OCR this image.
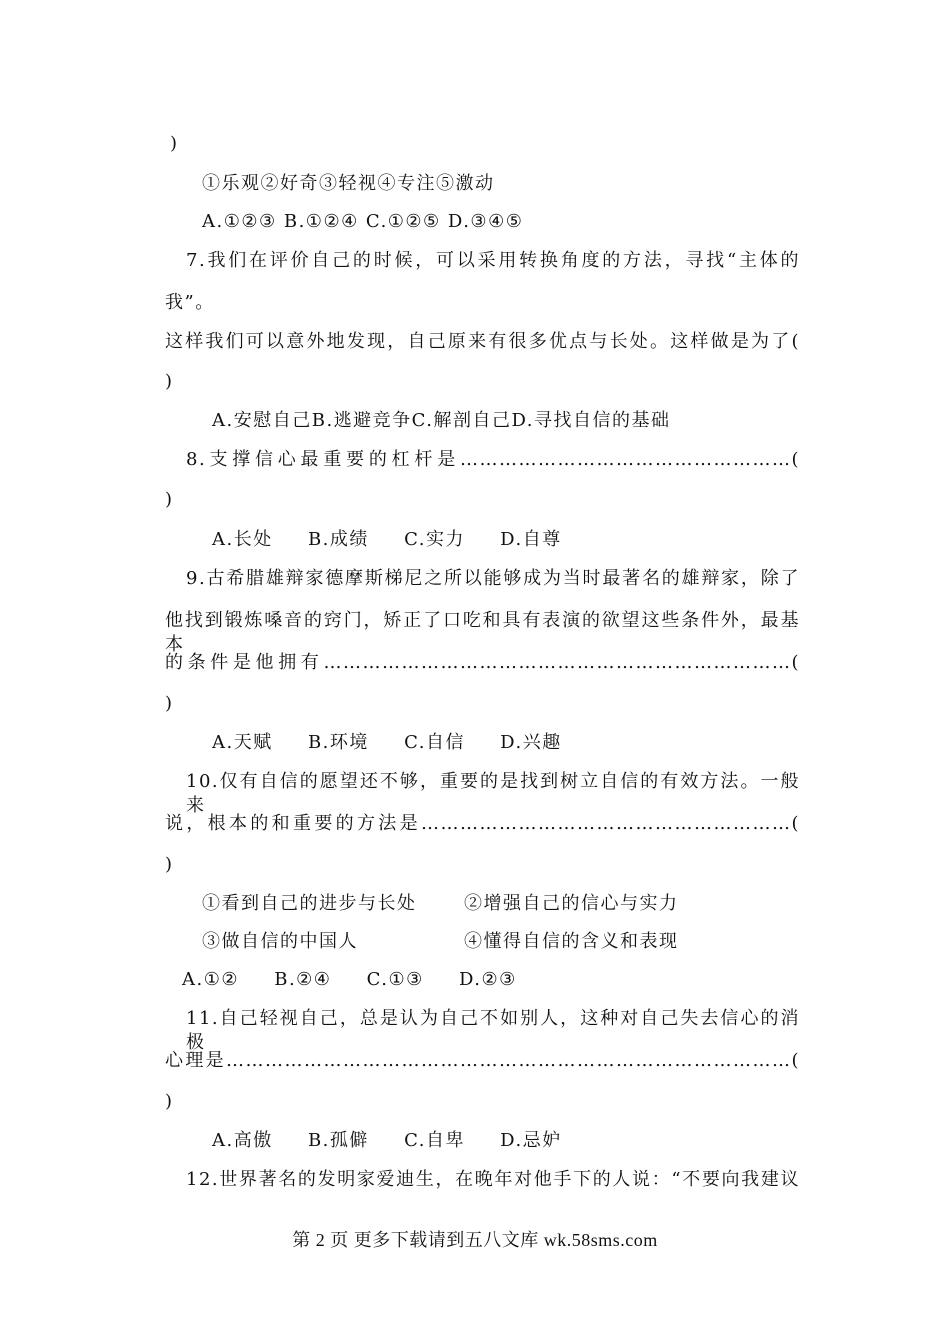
)
①乐观②好奇③轻视④专注⑤激动
A.①②③ B.①②④ C.①②⑤ D.③④⑤
7.我们在评价自己的时候，可以采用转换角度的方法，寻找“主体的
我”。
这样我们可以意外地发现，自己原来有很多优点与长处。这样做是为了(
)
A.安慰自己B.逃避竞争C.解剖自己D.寻找自信的基础
8.支撑信心最重要的杠杆是……………………………………………(
)
A.长处 B.成绩 C.实力 D.自尊
9.古希腊雄辩家德摩斯梯尼之所以能够成为当时最著名的雄辩家，除了
他找到锻炼嗓音的窍门，矫正了口吃和具有表演的欲望这些条件外，最基本
的条件是他拥有………………………………………………………………(
)
A.天赋 B.环境 C.自信 D.兴趣
10.仅有自信的愿望还不够，重要的是找到树立自信的有效方法。一般来
说，根本的和重要的方法是…………………………………………………(
)
①看到自己的进步与长处	②增强自己的信心与实力
③做自信的中国人	④懂得自信的含义和表现
A.①② B.②④ C.①③ D.②③
11.自己轻视自己，总是认为自己不如别人，这种对自己失去信心的消极
心理是……………………………………………………………………………(
)
A.高傲 B.孤僻 C.自卑 D.忌妒
12.世界著名的发明家爱迪生，在晚年对他手下的人说：“不要向我建议
第 2 页 更多下载请到五八文库 wk.58sms.com
